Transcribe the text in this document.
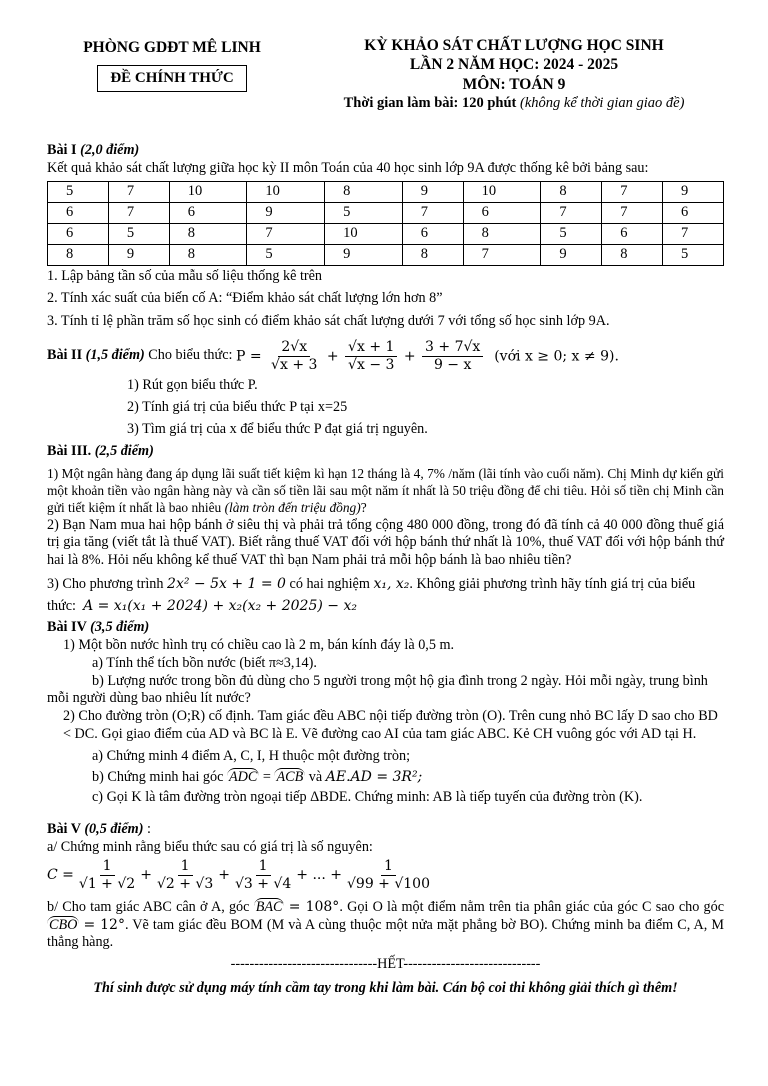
PHÒNG GDĐT MÊ LINH
ĐỀ CHÍNH THỨC
KỲ KHẢO SÁT CHẤT LƯỢNG HỌC SINH
LẦN 2 NĂM HỌC: 2024 - 2025
MÔN: TOÁN 9
Thời gian làm bài: 120 phút (không kể thời gian giao đề)
Bài I (2,0 điểm)

Kết quả khảo sát chất lượng giữa học kỳ II môn Toán của 40 học sinh lớp 9A được thống kê bởi bảng sau:

5	7	10	10	8	9	10	8	7	9
6	7	6	9	5	7	6	7	7	6
6	5	8	7	10	6	8	5	6	7
8	9	8	5	9	8	7	9	8	5

1. Lập bảng tần số của mẫu số liệu thống kê trên

2. Tính xác suất của biến cố A: “Điểm khảo sát chất lượng lớn hơn 8”

3. Tính tỉ lệ phần trăm số học sinh có điểm khảo sát chất lượng dưới 7 với tổng số học sinh lớp 9A.

Bài II
(1,5 điểm)
Cho biểu thức:
$P = \frac{2√x}{√x + 3} + \frac{√x + 1}{√x - 3} + \frac{3 + 7√x}{9 - x}$ (với x ≥ 0; x ≠ 9).

1) Rút gọn biểu thức P.

2) Tính giá trị của biểu thức P tại x=25

3) Tìm giá trị của x để biểu thức P đạt giá trị nguyên.

Bài III. (2,5 điểm)

1) Một ngân hàng đang áp dụng lãi suất tiết kiệm kì hạn 12 tháng là 4, 7% /năm (lãi tính vào cuối năm). Chị Minh dự kiến gửi một khoản tiền vào ngân hàng này và cần số tiền lãi sau một năm ít nhất là 50 triệu đồng để chi tiêu. Hỏi số tiền chị Minh cần gửi tiết kiệm ít nhất là bao nhiêu (làm tròn đến triệu đồng)?

2) Bạn Nam mua hai hộp bánh ở siêu thị và phải trả tổng cộng 480 000 đồng, trong đó đã tính cả 40 000 đồng thuế giá trị gia tăng (viết tắt là thuế VAT). Biết rằng thuế VAT đối với hộp bánh thứ nhất là 10%, thuế VAT đối với hộp bánh thứ hai là 8%. Hỏi nếu không kể thuế VAT thì bạn Nam phải trả mỗi hộp bánh là bao nhiêu tiền?

3) Cho phương trình 2x² − 5x + 1 = 0 có hai nghiệm x₁, x₂. Không giải phương trình hãy tính giá trị của biểu

thức: A = x₁(x₁ + 2024) + x₂(x₂ + 2025) − x₂

Bài IV (3,5 điểm)

1) Một bồn nước hình trụ có chiều cao là 2 m, bán kính đáy là 0,5 m.

a) Tính thể tích bồn nước (biết π≈3,14).

b) Lượng nước trong bồn đủ dùng cho 5 người trong một hộ gia đình trong 2 ngày. Hỏi mỗi ngày, trung bình mỗi người dùng bao nhiêu lít nước?

2) Cho đường tròn (O;R) cố định. Tam giác đều ABC nội tiếp đường tròn (O). Trên cung nhỏ BC lấy D sao cho BD < DC. Gọi giao điểm của AD và BC là E. Vẽ đường cao AI của tam giác ABC. Kẻ CH vuông góc với AD tại H.

a) Chứng minh 4 điểm A, C, I, H thuộc một đường tròn;

b) Chứng minh hai góc ADC = ACB và AE.AD = 3R²;

c) Gọi K là tâm đường tròn ngoại tiếp ΔBDE. Chứng minh: AB là tiếp tuyến của đường tròn (K).

Bài V (0,5 điểm) :

a/ Chứng minh rằng biểu thức sau có giá trị là số nguyên:

$C = \frac{1}{√1 + √2} + \frac{1}{√2 + √3} + \frac{1}{√3 + √4}$ + ... + $\frac{1}{√99 + √100}$

b/ Cho tam giác ABC cân ở A, góc BAC = 108°. Gọi O là một điểm nằm trên tia phân giác của góc C sao cho góc CBO = 12°. Vẽ tam giác đều BOM (M và A cùng thuộc một nửa mặt phẳng bờ BO). Chứng minh ba điểm C, A, M thẳng hàng.

-------------------------------HẾT-----------------------------
Thí sinh được sử dụng máy tính cầm tay trong khi làm bài. Cán bộ coi thi không giải thích gì thêm!
